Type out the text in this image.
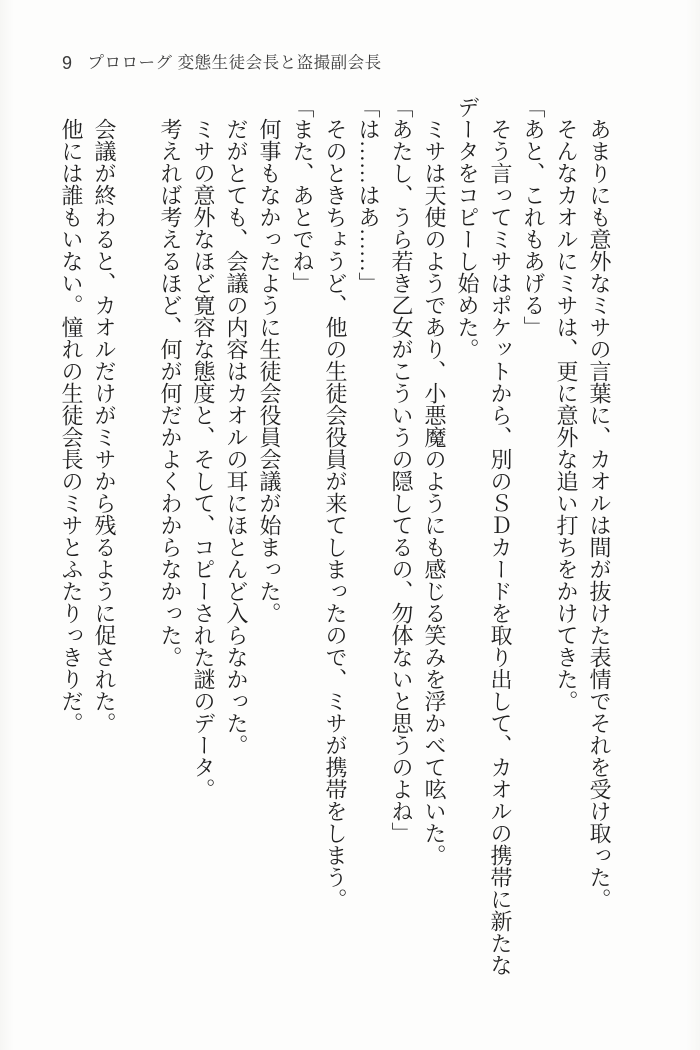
9 プロローグ 変態生徒会長と盗撮副会長

あまりにも意外なミサの言葉に、カオルは間が抜けた表情でそれを受け取った。

そんなカオルにミサは、更に意外な追い打ちをかけてきた。

「あと、これもあげる」

そう言ってミサはポケットから、別のＳＤカードを取り出して、カオルの携帯に新たなデータをコピーし始めた。

ミサは天使のようであり、小悪魔のようにも感じる笑みを浮かべて呟いた。

「あたし、うら若き乙女がこういうの隠してるの、勿体ないと思うのよね」

「は……はあ……」

そのときちょうど、他の生徒会役員が来てしまったので、ミサが携帯をしまう。

「また、あとでね」

何事もなかったように生徒会役員会議が始まった。

だがとても、会議の内容はカオルの耳にほとんど入らなかった。

ミサの意外なほど寛容な態度と、そして、コピーされた謎のデータ。

考えれば考えるほど、何が何だかよくわからなかった。

会議が終わると、カオルだけがミサから残るように促された。

他には誰もいない。憧れの生徒会長のミサとふたりっきりだ。
